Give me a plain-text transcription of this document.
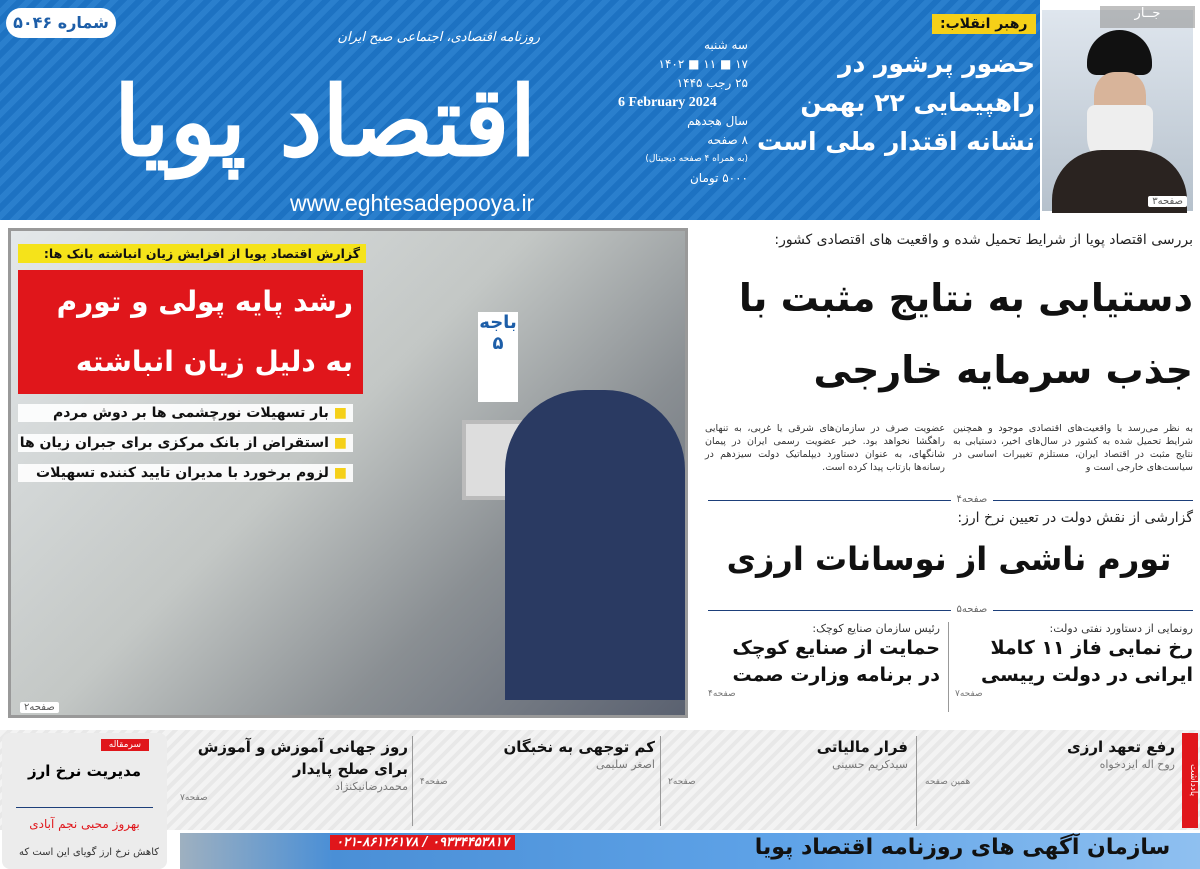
شماره ۵۰۴۶
اقتصاد پویا
روزنامه اقتصادی، اجتماعی صبح ایران
www.eghtesadepooya.ir
سه شنبه
۱۷ ■ ۱۱ ■ ۱۴۰۲
۲۵ رجب ۱۴۴۵
6 February 2024
سال هجدهم
۸ صفحه
(به همراه ۴ صفحه دیجیتال)
۵۰۰۰ تومان
رهبر انقلاب:
حضور پرشور در راهپیمایی ۲۲ بهمن نشانه اقتدار ملی است
صفحه۳
جــار
باجه ۵
گزارش اقتصاد پویا از افزایش زیان انباشته بانک ها:
رشد پایه پولی و تورم به دلیل زیان انباشته
■ بار تسهیلات نورچشمی ها بر دوش مردم
■ استقراض از بانک مرکزی برای جبران زیان ها
■ لزوم برخورد با مدیران تایید کننده تسهیلات
صفحه۲
بررسی اقتصاد پویا از شرایط تحمیل شده و واقعیت های اقتصادی کشور:
دستیابی به نتایج مثبت با جذب سرمایه خارجی
به نظر می‌رسد با واقعیت‌های اقتصادی موجود و همچنین شرایط تحمیل شده به کشور در سال‌های اخیر، دستیابی به نتایج مثبت در اقتصاد ایران، مستلزم تغییرات اساسی در سیاست‌های خارجی است و
عضویت صرف در سازمان‌های شرقی یا غربی، به تنهایی راهگشا نخواهد بود. خبر عضویت رسمی ایران در پیمان شانگهای، به عنوان دستاورد دیپلماتیک دولت سیزدهم در رسانه‌ها بازتاب پیدا کرده است.
صفحه۴
گزارشی از نقش دولت در تعیین نرخ ارز:
تورم ناشی از نوسانات ارزی
صفحه۵
رونمایی از دستاورد نفتی دولت:
رخ نمایی فاز ۱۱ کاملا ایرانی در دولت رییسی
صفحه۷
رئیس سازمان صنایع کوچک:
حمایت از صنایع کوچک در برنامه وزارت صمت
صفحه۴
یادداشت
رفع تعهد ارزی
روح اله ایزدخواه
همین صفحه
فرار مالیاتی
سیدکریم حسینی
صفحه۲
کم توجهی به نخبگان
اصغر سلیمی
صفحه۴
روز جهانی آموزش و آموزش برای صلح پایدار
محمدرضانیکنژاد
صفحه۷
سرمقاله
مدیریت نرخ ارز
بهروز محبی نجم آبادی
کاهش نرخ ارز گویای این است که
۰۲۱-۸۶۱۲۶۱۷۸ / ۰۹۳۳۴۴۵۳۸۱۷	سازمان آگهی های روزنامه اقتصاد پویا
